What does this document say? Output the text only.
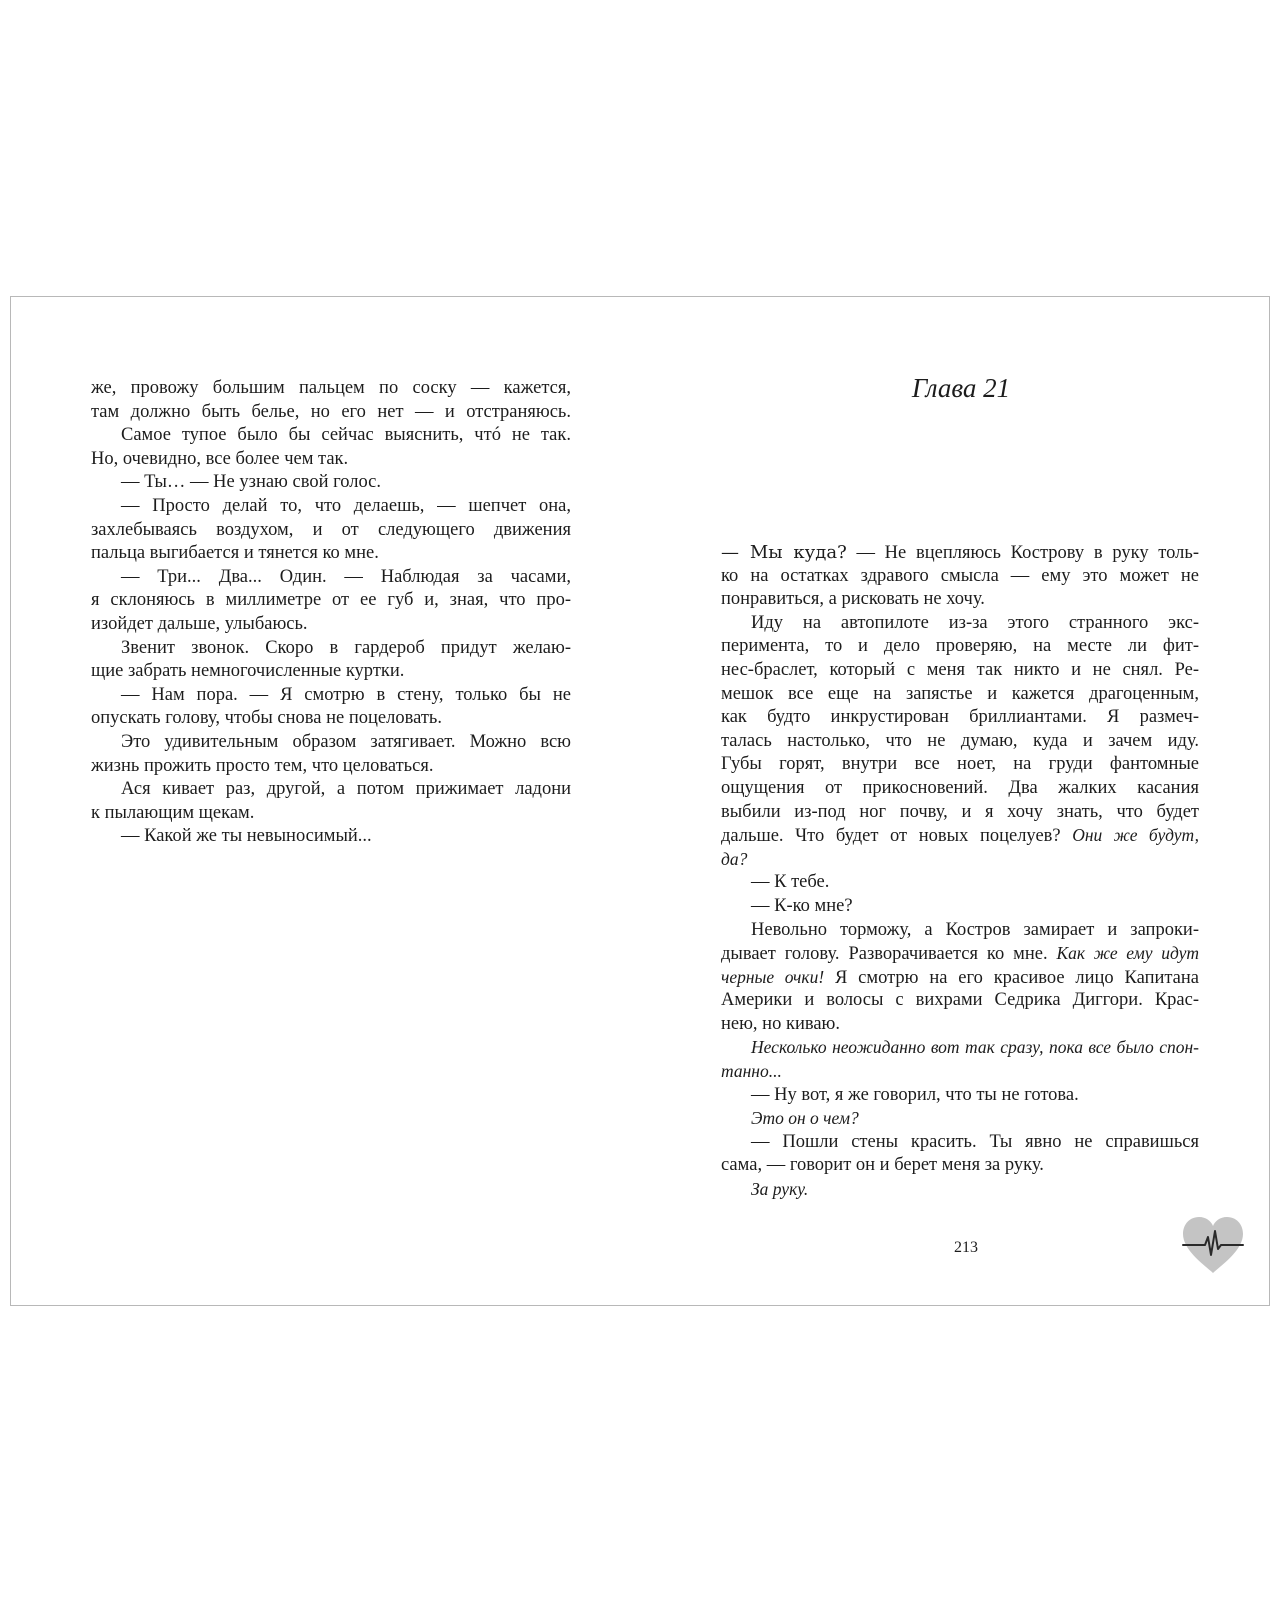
же, провожу большим пальцем по соску — кажется,
там должно быть белье, но его нет — и отстраняюсь.
Самое тупое было бы сейчас выяснить, чтó не так.
Но, очевидно, все более чем так.
— Ты… — Не узнаю свой голос.
— Просто делай то, что делаешь, — шепчет она,
захлебываясь воздухом, и от следующего движения
пальца выгибается и тянется ко мне.
— Три... Два... Один. — Наблюдая за часами,
я склоняюсь в миллиметре от ее губ и, зная, что про-
изойдет дальше, улыбаюсь.
Звенит звонок. Скоро в гардероб придут желаю-
щие забрать немногочисленные куртки.
— Нам пора. — Я смотрю в стену, только бы не
опускать голову, чтобы снова не поцеловать.
Это удивительным образом затягивает. Можно всю
жизнь прожить просто тем, что целоваться.
Ася кивает раз, другой, а потом прижимает ладони
к пылающим щекам.
— Какой же ты невыносимый...
Глава 21
— Мы куда? — Не вцепляюсь Кострову в руку толь-
ко на остатках здравого смысла — ему это может не
понравиться, а рисковать не хочу.
Иду на автопилоте из-за этого странного экс-
перимента, то и дело проверяю, на месте ли фит-
нес-браслет, который с меня так никто и не снял. Ре-
мешок все еще на запястье и кажется драгоценным,
как будто инкрустирован бриллиантами. Я размеч-
талась настолько, что не думаю, куда и зачем иду.
Губы горят, внутри все ноет, на груди фантомные
ощущения от прикосновений. Два жалких касания
выбили из-под ног почву, и я хочу знать, что будет
дальше. Что будет от новых поцелуев? Они же будут,
да?
— К тебе.
— К-ко мне?
Невольно торможу, а Костров замирает и запроки-
дывает голову. Разворачивается ко мне. Как же ему идут
черные очки! Я смотрю на его красивое лицо Капитана
Америки и волосы с вихрами Седрика Диггори. Крас-
нею, но киваю.
Несколько неожиданно вот так сразу, пока все было спон-
танно...
— Ну вот, я же говорил, что ты не готова.
Это он о чем?
— Пошли стены красить. Ты явно не справишься
сама, — говорит он и берет меня за руку.
За руку.
213
